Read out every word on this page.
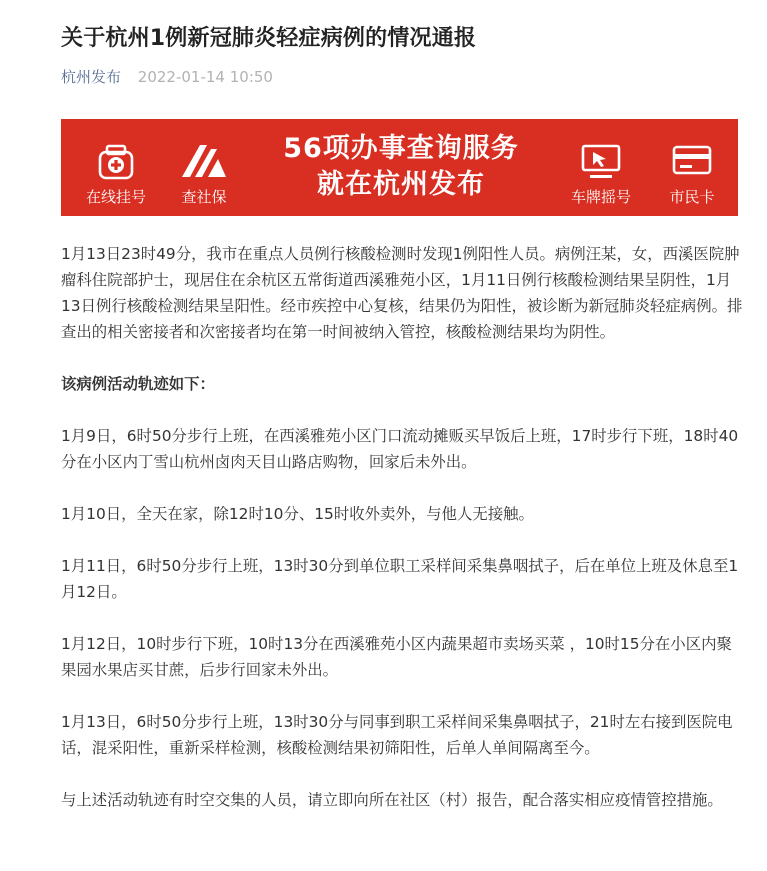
关于杭州1例新冠肺炎轻症病例的情况通报
杭州发布 2022-01-14 10:50
在线挂号	查社保
56项办事查询服务
就在杭州发布	车牌摇号	市民卡

1月13日23时49分，我市在重点人员例行核酸检测时发现1例阳性人员。病例汪某，女，西溪医院肿瘤科住院部护士，现居住在余杭区五常街道西溪雅苑小区，1月11日例行核酸检测结果呈阴性，1月13日例行核酸检测结果呈阳性。经市疾控中心复核，结果仍为阳性，被诊断为新冠肺炎轻症病例。排查出的相关密接者和次密接者均在第一时间被纳入管控，核酸检测结果均为阴性。

该病例活动轨迹如下：

1月9日，6时50分步行上班，在西溪雅苑小区门口流动摊贩买早饭后上班，17时步行下班，18时40分在小区内丁雪山杭州卤肉天目山路店购物，回家后未外出。

1月10日，全天在家，除12时10分、15时收外卖外，与他人无接触。

1月11日，6时50分步行上班，13时30分到单位职工采样间采集鼻咽拭子，后在单位上班及休息至1月12日。

1月12日，10时步行下班，10时13分在西溪雅苑小区内蔬果超市卖场买菜 ，10时15分在小区内聚果园水果店买甘蔗，后步行回家未外出。

1月13日，6时50分步行上班，13时30分与同事到职工采样间采集鼻咽拭子，21时左右接到医院电话，混采阳性，重新采样检测，核酸检测结果初筛阳性，后单人单间隔离至今。

与上述活动轨迹有时空交集的人员，请立即向所在社区（村）报告，配合落实相应疫情管控措施。
